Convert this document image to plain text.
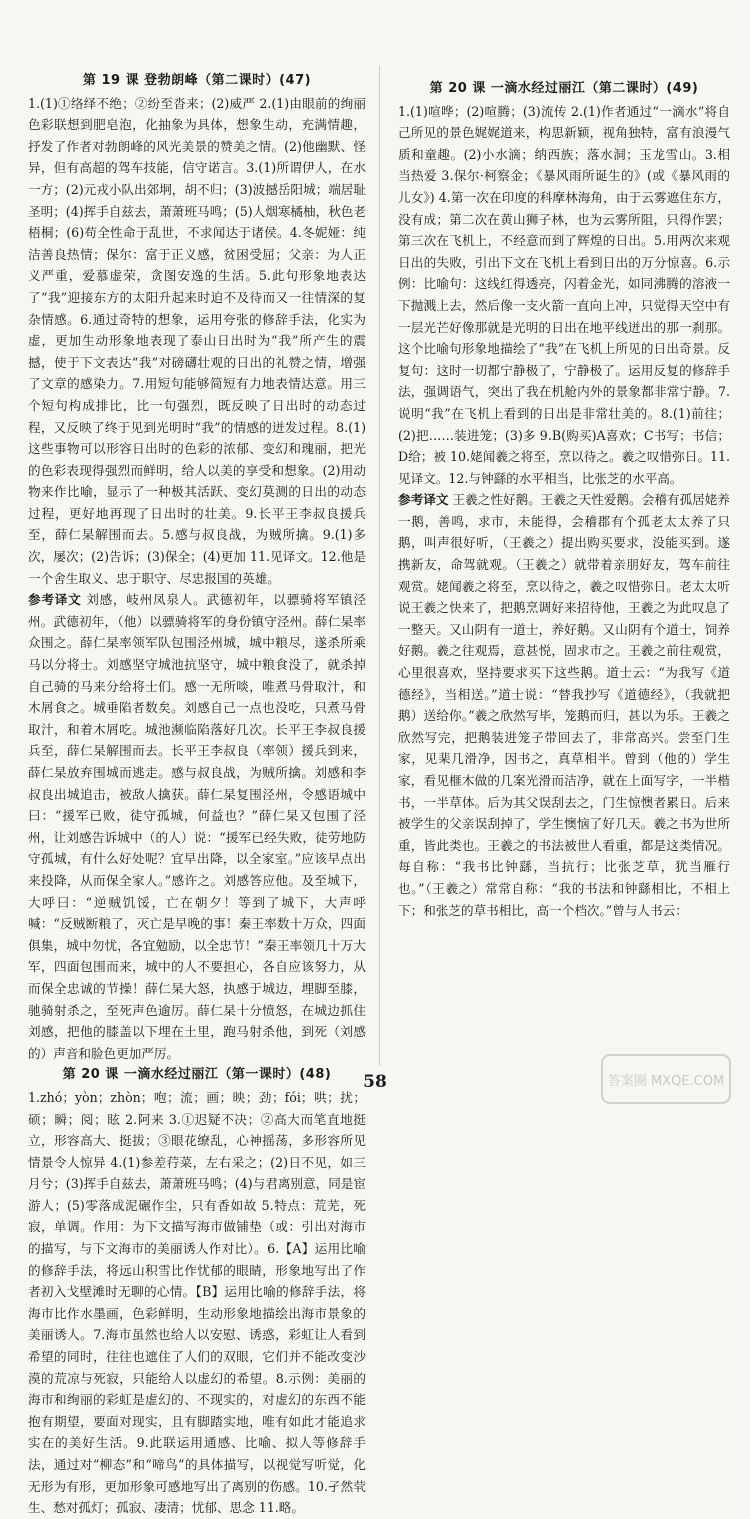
第 19 课 登勃朗峰（第二课时）(47)

1.(1)①络绎不绝；②纷至沓来；(2)威严 2.(1)由眼前的绚丽色彩联想到肥皂泡，化抽象为具体，想象生动，充满情趣，抒发了作者对勃朗峰的风光美景的赞美之情。(2)他幽默、怪异，但有高超的驾车技能，信守诺言。3.(1)所谓伊人，在水一方；(2)元戎小队出郊坰，胡不归；(3)波撼岳阳城；端居耻圣明；(4)挥手自兹去，萧萧班马鸣；(5)人烟寒橘柚，秋色老梧桐；(6)苟全性命于乱世，不求闻达于诸侯。4.冬妮娅：纯洁善良热情；保尔：富于正义感，贫困受屈；父亲：为人正义严重，爱慕虚荣，贪图安逸的生活。5.此句形象地表达了“我”迎接东方的太阳升起来时迫不及待而又一往情深的复杂情感。6.通过奇特的想象，运用夸张的修辞手法，化实为虚，更加生动形象地表现了泰山日出时为“我”所产生的震撼，使于下文表达“我”对磅礴壮观的日出的礼赞之情，增强了文章的感染力。7.用短句能够简短有力地表情达意。用三个短句构成排比，比一句强烈，既反映了日出时的动态过程，又反映了终于见到光明时“我”的情感的迸发过程。8.(1)这些事物可以形容日出时的色彩的浓郁、变幻和瑰丽，把光的色彩表现得强烈而鲜明，给人以美的享受和想象。(2)用动物来作比喻，显示了一种极其活跃、变幻莫测的日出的动态过程，更好地再现了日出时的壮美。9.长平王李叔良援兵至，薛仁杲解围而去。5.感与叔良战，为贼所擒。9.(1)多次，屡次；(2)告诉；(3)保全；(4)更加 11.见译文。12.他是一个舍生取义、忠于职守、尽忠报国的英雄。

参考译文 刘感，岐州凤泉人。武德初年，以骠骑将军镇泾州。武德初年，（他）以骠骑将军的身份镇守泾州。薛仁杲率众围之。薛仁杲率领军队包围泾州城，城中粮尽，遂杀所乘马以分将士。刘感坚守城池抗坚守，城中粮食没了，就杀掉自己骑的马来分给将士们。感一无所啖，唯煮马骨取汁，和木屑食之。城垂陷者数矣。刘感自己一点也没吃，只煮马骨取汁，和着木屑吃。城池濒临陷落好几次。长平王李叔良援兵至，薛仁杲解围而去。长平王李叔良（率领）援兵到来，薛仁杲放弃围城而逃走。感与叔良战，为贼所擒。刘感和李叔良出城追击，被敌人擒获。薛仁杲复围泾州，令感语城中曰：“援军已败，徒守孤城，何益也？”薛仁杲又包围了泾州，让刘感告诉城中（的人）说：“援军已经失败，徒劳地防守孤城，有什么好处呢？宜早出降，以全家室。”应该早点出来投降，从而保全家人。”感许之。刘感答应他。及至城下，大呼曰：“逆贼饥馁，亡在朝夕！等到了城下，大声呼喊：“反贼断粮了，灭亡是早晚的事！秦王率数十万众，四面俱集，城中勿忧，各宜勉励，以全忠节！”秦王率领几十万大军，四面包围而来，城中的人不要担心，各自应该努力，从而保全忠诚的节操！薛仁杲大怒，执感于城边，埋脚至膝，驰骑射杀之，至死声色逾厉。薛仁杲十分愤怒，在城边抓住刘感，把他的膝盖以下埋在土里，跑马射杀他，到死（刘感的）声音和脸色更加严厉。

第 20 课 一滴水经过丽江（第一课时）(48)

1.zhó；yòn；zhòn；咆；流；画；映；劲；fói；哄；扰；硕；瞬；阅；眩 2.阿来 3.①迟疑不决；②高大而笔直地挺立，形容高大、挺拔；③眼花缭乱，心神摇荡，多形容所见情景令人惊异 4.(1)参差荇菜，左右采之；(2)日不见，如三月兮；(3)挥手自兹去，萧萧班马鸣；(4)与君离别意，同是宦游人；(5)零落成泥碾作尘，只有香如故 5.特点：荒芜，死寂，单调。作用：为下文描写海市做铺垫（或：引出对海市的描写，与下文海市的美丽诱人作对比）。6.【A】运用比喻的修辞手法，将远山积雪比作忧郁的眼睛，形象地写出了作者初入戈壁滩时无聊的心情。【B】运用比喻的修辞手法，将海市比作水墨画，色彩鲜明，生动形象地描绘出海市景象的美丽诱人。7.海市虽然也给人以安慰、诱惑，彩虹让人看到希望的同时，往往也遮住了人们的双眼，它们并不能改变沙漠的荒凉与死寂，只能给人以虚幻的希望。8.示例：美丽的海市和绚丽的彩虹是虚幻的、不现实的，对虚幻的东西不能抱有期望，要面对现实，且有脚踏实地，唯有如此才能追求实在的美好生活。9.此联运用通感、比喻、拟人等修辞手法，通过对“柳态”和“啼鸟”的具体描写，以视觉写听觉，化无形为有形，更加形象可感地写出了离别的伤感。10.孑然茕生、愁对孤灯；孤寂、凄清；忧郁、思念 11.略。

第 20 课 一滴水经过丽江（第二课时）(49)

1.(1)喧哗；(2)喧腾；(3)流传 2.(1)作者通过“一滴水”将自己所见的景色娓娓道来，构思新颖，视角独特，富有浪漫气质和童趣。(2)小水滴；纳西族；落水洞；玉龙雪山。3.相当热爱 3.保尔·柯察金；《暴风雨所诞生的》(或《暴风雨的儿女》) 4.第一次在印度的科摩林海角，由于云雾遮住东方，没有成；第二次在黄山狮子林，也为云雾所阻，只得作罢；第三次在飞机上，不经意而到了辉煌的日出。5.用两次来观日出的失败，引出下文在飞机上看到日出的万分惊喜。6.示例：比喻句：这线红得透亮，闪着金光，如同沸腾的溶液一下抛溅上去，然后像一支火箭一直向上冲，只觉得天空中有一层光芒好像那就是光明的日出在地平线迸出的那一刹那。这个比喻句形象地描绘了“我”在飞机上所见的日出奇景。反复句：这时一切都宁静极了，宁静极了。运用反复的修辞手法，强调语气，突出了我在机舱内外的景象都非常宁静。7.说明“我”在飞机上看到的日出是非常壮美的。8.(1)前往；(2)把……装进笼；(3)多 9.B(购买)A喜欢；C书写；书信；D给；被 10.姥闻羲之将至，烹以待之。羲之叹惜弥日。11.见译文。12.与钟繇的水平相当，比张芝的水平高。

参考译文 王羲之性好鹅。王羲之天性爱鹅。会稽有孤居姥养一鹅，善鸣，求市，未能得，会稽郡有个孤老太太养了只鹅，叫声很好听，（王羲之）提出购买要求，没能买到。遂携新友，命驾就观。（王羲之）就带着亲朋好友，驾车前往观赏。姥闻羲之将至，烹以待之，羲之叹惜弥日。老太太听说王羲之快来了，把鹅烹调好来招待他，王羲之为此叹息了一整天。又山阴有一道士，养好鹅。又山阴有个道士，饲养好鹅。羲之往观焉，意甚悦，固求市之。王羲之前往观赏，心里很喜欢，坚持要求买下这些鹅。道士云：“为我写《道德经》，当相送。”道士说：“替我抄写《道德经》，（我就把鹅）送给你。”羲之欣然写毕，笼鹅而归，甚以为乐。王羲之欣然写完，把鹅装进笼子带回去了，非常高兴。尝至门生家，见棐几滑净，因书之，真草相半。曾到（他的）学生家，看见榧木做的几案光滑而洁净，就在上面写字，一半楷书，一半草体。后为其父误刮去之，门生惊懊者累日。后来被学生的父亲误刮掉了，学生懊恼了好几天。羲之书为世所重，皆此类也。王羲之的书法被世人看重，都是这类情况。每自称：“我书比钟繇，当抗行；比张芝草，犹当雁行也。”（王羲之）常常自称：“我的书法和钟繇相比，不相上下；和张芝的草书相比，高一个档次。”曾与人书云：

58	答案圈 MXQE.COM
